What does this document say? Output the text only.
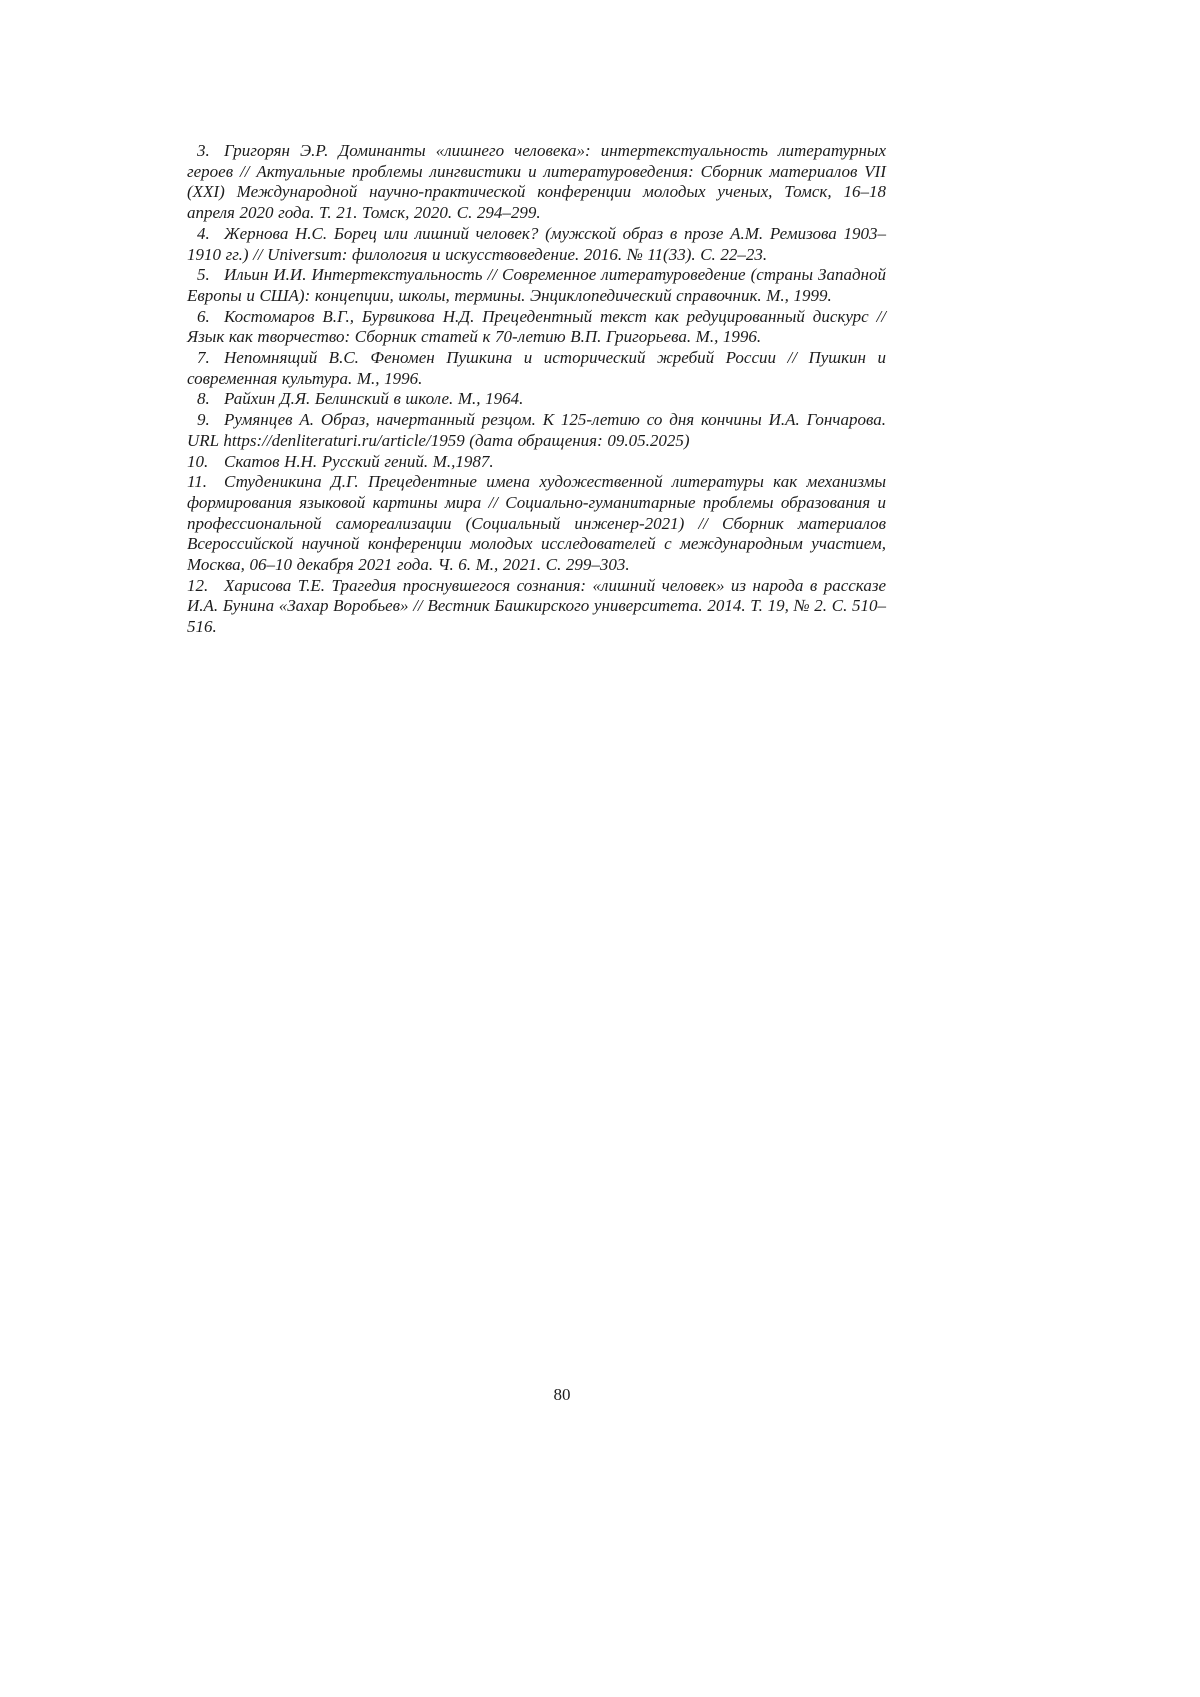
3. Григорян Э.Р. Доминанты «лишнего человека»: интертекстуальность литературных героев // Актуальные проблемы лингвистики и литературоведения: Сборник материалов VII (XXI) Международной научно-практической конференции молодых ученых, Томск, 16–18 апреля 2020 года. Т. 21. Томск, 2020. С. 294–299.

4. Жернова Н.С. Борец или лишний человек? (мужской образ в прозе А.М. Ремизова 1903–1910 гг.) // Universum: филология и искусствоведение. 2016. № 11(33). С. 22–23.

5. Ильин И.И. Интертекстуальность // Современное литературоведение (страны Западной Европы и США): концепции, школы, термины. Энциклопедический справочник. М., 1999.

6. Костомаров В.Г., Бурвикова Н.Д. Прецедентный текст как редуцированный дискурс // Язык как творчество: Сборник статей к 70-летию В.П. Григорьева. М., 1996.

7. Непомнящий В.С. Феномен Пушкина и исторический жребий России // Пушкин и современная культура. М., 1996.

8. Райхин Д.Я. Белинский в школе. М., 1964.

9. Румянцев А. Образ, начертанный резцом. К 125-летию со дня кончины И.А. Гончарова. URL https://denliteraturi.ru/article/1959 (дата обращения: 09.05.2025)

10. Скатов Н.Н. Русский гений. М.,1987.

11. Студеникина Д.Г. Прецедентные имена художественной литературы как механизмы формирования языковой картины мира // Социально-гуманитарные проблемы образования и профессиональной самореализации (Социальный инженер-2021) // Сборник материалов Всероссийской научной конференции молодых исследователей с международным участием, Москва, 06–10 декабря 2021 года. Ч. 6. М., 2021. С. 299–303.

12. Харисова Т.Е. Трагедия проснувшегося сознания: «лишний человек» из народа в рассказе И.А. Бунина «Захар Воробьев» // Вестник Башкирского университета. 2014. Т. 19, № 2. С. 510–516.

80
